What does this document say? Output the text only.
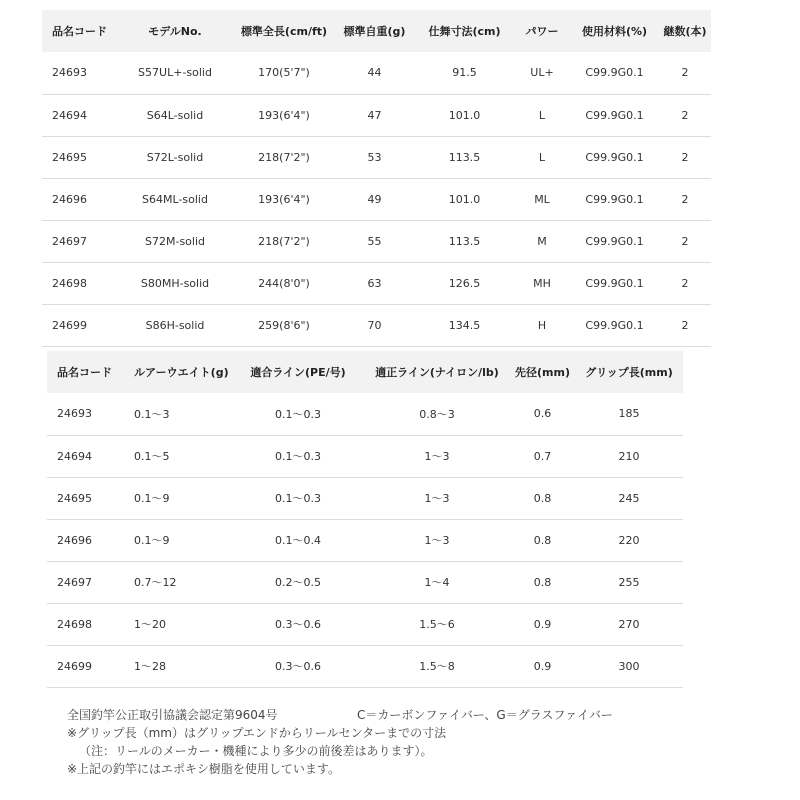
品名コード	モデルNo.	標準全長(cm/ft)	標準自重(g)	仕舞寸法(cm)	パワー	使用材料(%)	継数(本)
24693	S57UL+-solid	170(5'7")	44	91.5	UL+	C99.9G0.1	2
24694	S64L-solid	193(6'4")	47	101.0	L	C99.9G0.1	2
24695	S72L-solid	218(7'2")	53	113.5	L	C99.9G0.1	2
24696	S64ML-solid	193(6'4")	49	101.0	ML	C99.9G0.1	2
24697	S72M-solid	218(7'2")	55	113.5	M	C99.9G0.1	2
24698	S80MH-solid	244(8'0")	63	126.5	MH	C99.9G0.1	2
24699	S86H-solid	259(8'6")	70	134.5	H	C99.9G0.1	2
品名コード	ルアーウエイト(g)	適合ライン(PE/号)	適正ライン(ナイロン/lb)	先径(mm)	グリップ長(mm)
24693	0.1〜3	0.1〜0.3	0.8〜3	0.6	185
24694	0.1〜5	0.1〜0.3	1〜3	0.7	210
24695	0.1〜9	0.1〜0.3	1〜3	0.8	245
24696	0.1〜9	0.1〜0.4	1〜3	0.8	220
24697	0.7〜12	0.2〜0.5	1〜4	0.8	255
24698	1〜20	0.3〜0.6	1.5〜6	0.9	270
24699	1〜28	0.3〜0.6	1.5〜8	0.9	300
全国釣竿公正取引協議会認定第9604号
※グリップ長（mm）はグリップエンドからリールセンターまでの寸法
（注：リールのメーカー・機種により多少の前後差はあります）。
※上記の釣竿にはエポキシ樹脂を使用しています。
C＝カーボンファイバー、G＝グラスファイバー
